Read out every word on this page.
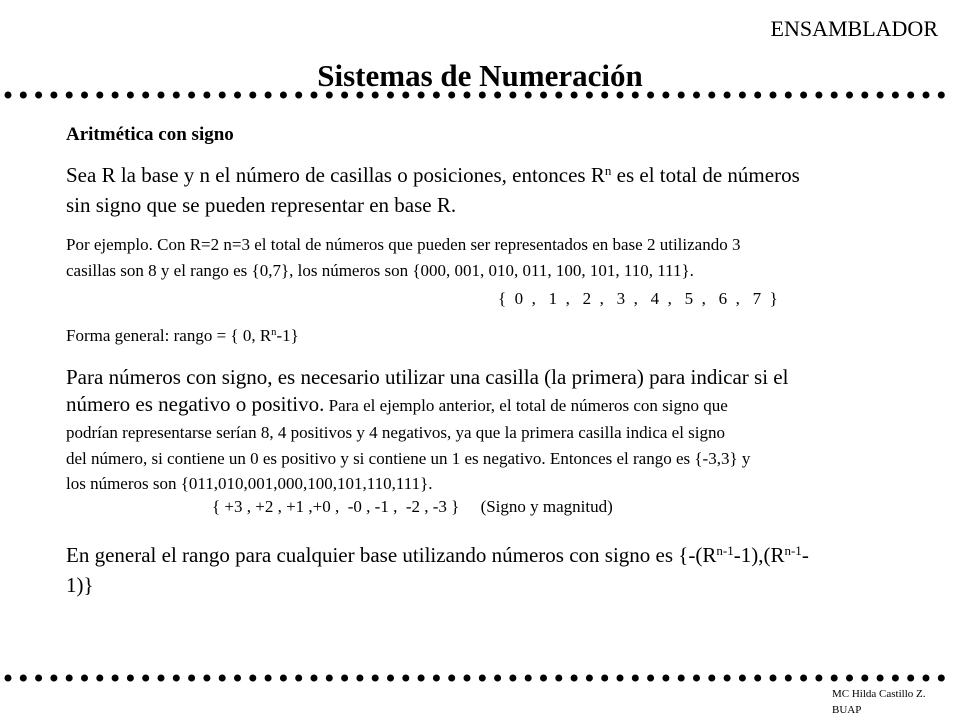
ENSAMBLADOR
Sistemas de Numeración
Aritmética con signo
Sea R la base y n el número de casillas o posiciones, entonces $R^n$ es el total de números
sin signo que se pueden representar en base R.
Por ejemplo. Con R=2 n=3 el total de números que pueden ser representados en base 2 utilizando 3
casillas son 8 y el rango es {0,7}, los números son {000, 001, 010, 011, 100, 101, 110, 111}.
{  0  ,   1  ,   2  ,   3  ,   4  ,   5  ,   6  ,   7  }
Forma general: rango = { 0, $R^n-1$}
Para números con signo, es necesario utilizar una casilla (la primera) para indicar si el
número es negativo o positivo. Para el ejemplo anterior, el total de números con signo que
podrían representarse serían 8, 4 positivos y 4 negativos, ya que la primera casilla indica el signo
del número, si contiene un 0 es positivo y si contiene un 1 es negativo. Entonces el rango es {-3,3} y
los números son {011,010,001,000,100,101,110,111}.
{ +3 , +2 , +1 ,+0 ,  -0 , -1 ,  -2 , -3 }     (Signo y magnitud)
En general el rango para cualquier base utilizando números con signo es {$-(R^{n-1}-1),(R^{n-1}-$
1)}
MC Hilda Castillo Z.
BUAP
